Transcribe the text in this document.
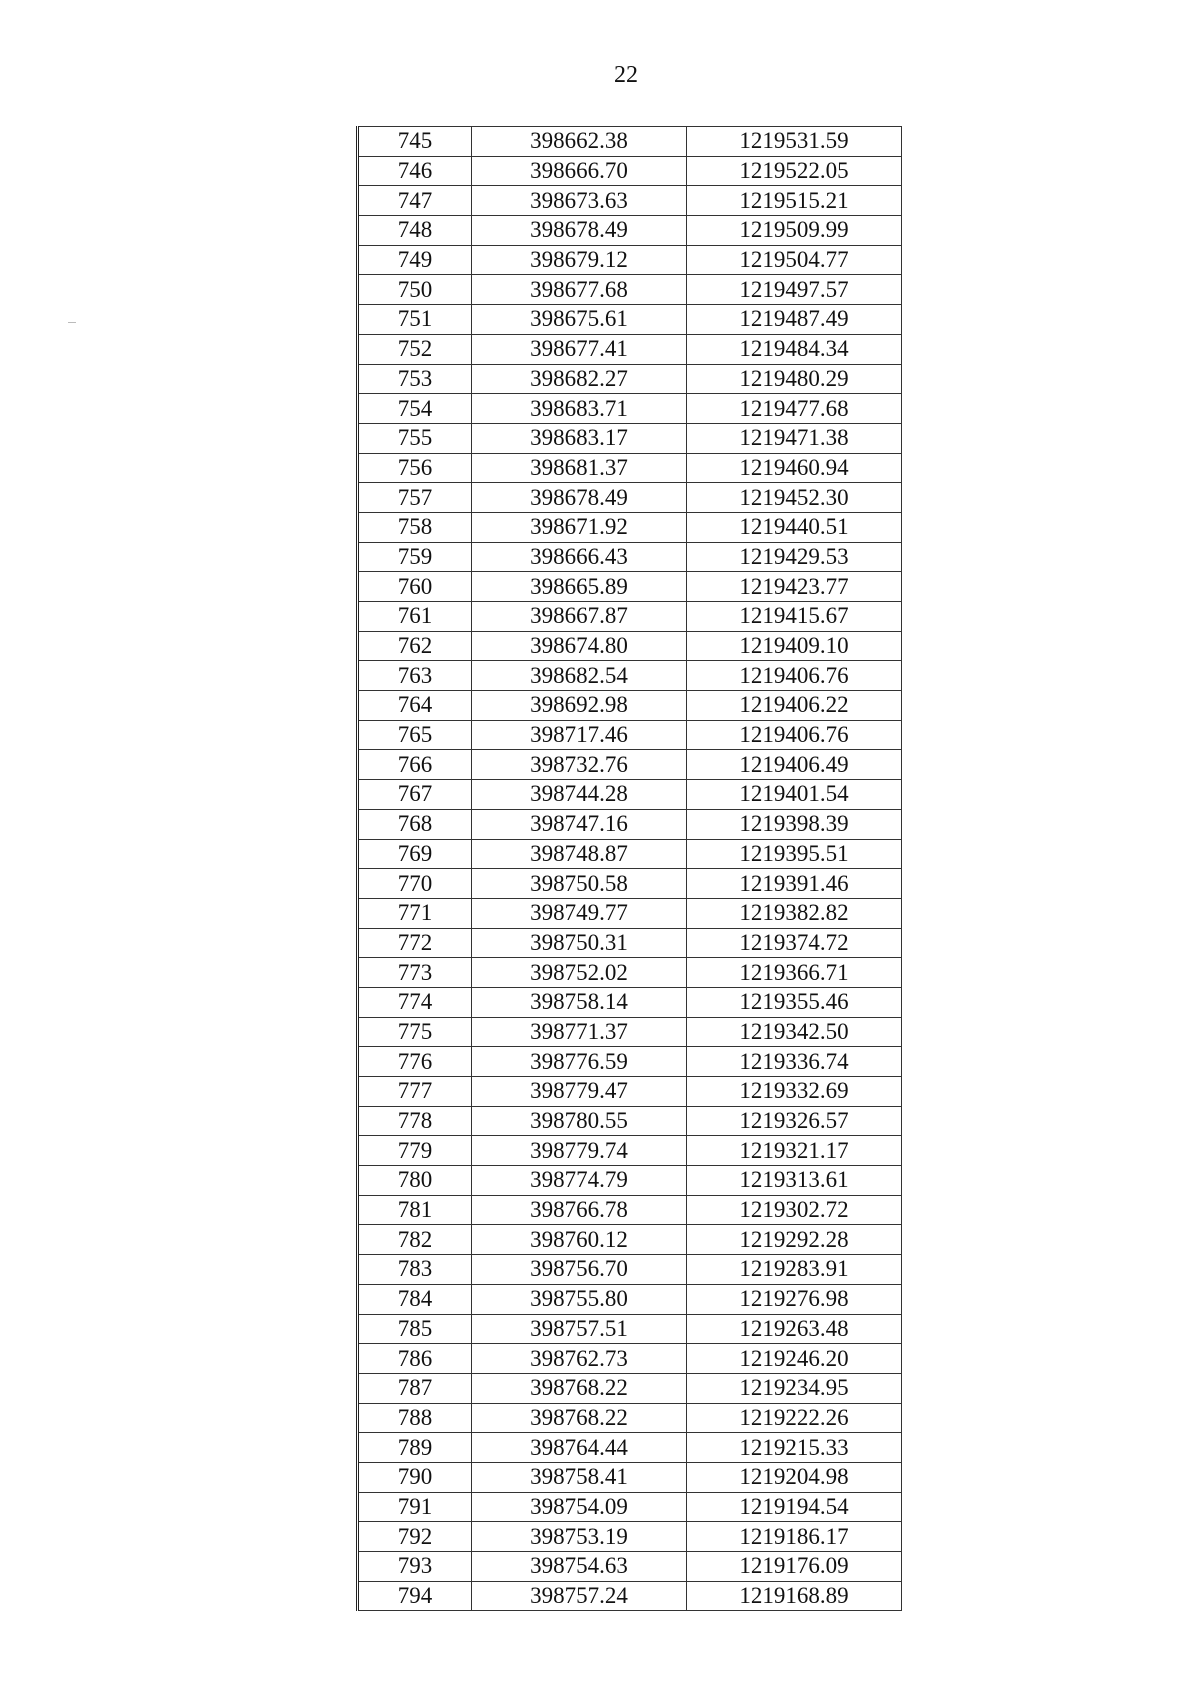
22
745	398662.38	1219531.59
746	398666.70	1219522.05
747	398673.63	1219515.21
748	398678.49	1219509.99
749	398679.12	1219504.77
750	398677.68	1219497.57
751	398675.61	1219487.49
752	398677.41	1219484.34
753	398682.27	1219480.29
754	398683.71	1219477.68
755	398683.17	1219471.38
756	398681.37	1219460.94
757	398678.49	1219452.30
758	398671.92	1219440.51
759	398666.43	1219429.53
760	398665.89	1219423.77
761	398667.87	1219415.67
762	398674.80	1219409.10
763	398682.54	1219406.76
764	398692.98	1219406.22
765	398717.46	1219406.76
766	398732.76	1219406.49
767	398744.28	1219401.54
768	398747.16	1219398.39
769	398748.87	1219395.51
770	398750.58	1219391.46
771	398749.77	1219382.82
772	398750.31	1219374.72
773	398752.02	1219366.71
774	398758.14	1219355.46
775	398771.37	1219342.50
776	398776.59	1219336.74
777	398779.47	1219332.69
778	398780.55	1219326.57
779	398779.74	1219321.17
780	398774.79	1219313.61
781	398766.78	1219302.72
782	398760.12	1219292.28
783	398756.70	1219283.91
784	398755.80	1219276.98
785	398757.51	1219263.48
786	398762.73	1219246.20
787	398768.22	1219234.95
788	398768.22	1219222.26
789	398764.44	1219215.33
790	398758.41	1219204.98
791	398754.09	1219194.54
792	398753.19	1219186.17
793	398754.63	1219176.09
794	398757.24	1219168.89
